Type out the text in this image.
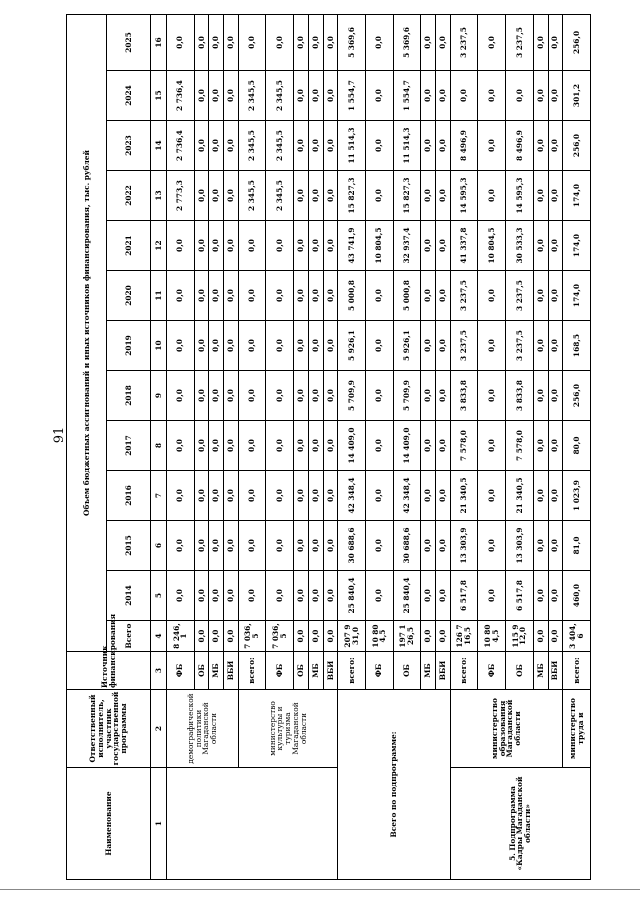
91
Наименование	Ответственный исполнитель, участник государственной программы	Источник финансирования	Объем бюджетных ассигнований и иных источников финансирования, тыс. рублей												
			Всего	2014	2015	2016	2017	2018	2019	2020	2021	2022	2023	2024	2025
1	2	3	4	5	6	7	8	9	10	11	12	13	14	15	16
	демографической политики Магаданской области	ФБ	8 246,1	0,0	0,0	0,0	0,0	0,0	0,0	0,0	0,0	2 773,3	2 736,4	2 736,4	0,0
		ОБ	0,0	0,0	0,0	0,0	0,0	0,0	0,0	0,0	0,0	0,0	0,0	0,0	0,0
		МБ	0,0	0,0	0,0	0,0	0,0	0,0	0,0	0,0	0,0	0,0	0,0	0,0	0,0
		ВБИ	0,0	0,0	0,0	0,0	0,0	0,0	0,0	0,0	0,0	0,0	0,0	0,0	0,0
	министерство культуры и туризма Магаданской области	всего:	7 036,5	0,0	0,0	0,0	0,0	0,0	0,0	0,0	0,0	2 345,5	2 345,5	2 345,5	0,0
		ФБ	7 036,5	0,0	0,0	0,0	0,0	0,0	0,0	0,0	0,0	2 345,5	2 345,5	2 345,5	0,0
		ОБ	0,0	0,0	0,0	0,0	0,0	0,0	0,0	0,0	0,0	0,0	0,0	0,0	0,0
		МБ	0,0	0,0	0,0	0,0	0,0	0,0	0,0	0,0	0,0	0,0	0,0	0,0	0,0
		ВБИ	0,0	0,0	0,0	0,0	0,0	0,0	0,0	0,0	0,0	0,0	0,0	0,0	0,0
Всего по подпрограмме:		всего:	207 931,0	25 840,4	30 688,6	42 348,4	14 409,0	5 709,9	5 926,1	5 000,8	43 741,9	15 827,3	11 514,3	1 554,7	5 369,6
		ФБ	10 804,5	0,0	0,0	0,0	0,0	0,0	0,0	0,0	10 804,5	0,0	0,0	0,0	0,0
		ОБ	197 126,5	25 840,4	30 688,6	42 348,4	14 409,0	5 709,9	5 926,1	5 000,8	32 937,4	15 827,3	11 514,3	1 554,7	5 369,6
		МБ	0,0	0,0	0,0	0,0	0,0	0,0	0,0	0,0	0,0	0,0	0,0	0,0	0,0
		ВБИ	0,0	0,0	0,0	0,0	0,0	0,0	0,0	0,0	0,0	0,0	0,0	0,0	0,0
5. Подпрограмма «Кадры Магаданской области»	министерство образования Магаданской области	всего:	126 716,5	6 517,8	13 303,9	21 340,5	7 578,0	3 833,8	3 237,5	3 237,5	41 337,8	14 595,3	8 496,9	0,0	3 237,5
		ФБ	10 804,5	0,0	0,0	0,0	0,0	0,0	0,0	0,0	10 804,5	0,0	0,0	0,0	0,0
		ОБ	115 912,0	6 517,8	13 303,9	21 340,5	7 578,0	3 833,8	3 237,5	3 237,5	30 533,3	14 595,3	8 496,9	0,0	3 237,5
		МБ	0,0	0,0	0,0	0,0	0,0	0,0	0,0	0,0	0,0	0,0	0,0	0,0	0,0
		ВБИ	0,0	0,0	0,0	0,0	0,0	0,0	0,0	0,0	0,0	0,0	0,0	0,0	0,0
	министерство труда и	всего:	3 404,6	460,0	81,0	1 023,9	80,0	256,0	168,5	174,0	174,0	174,0	256,0	301,2	256,0
